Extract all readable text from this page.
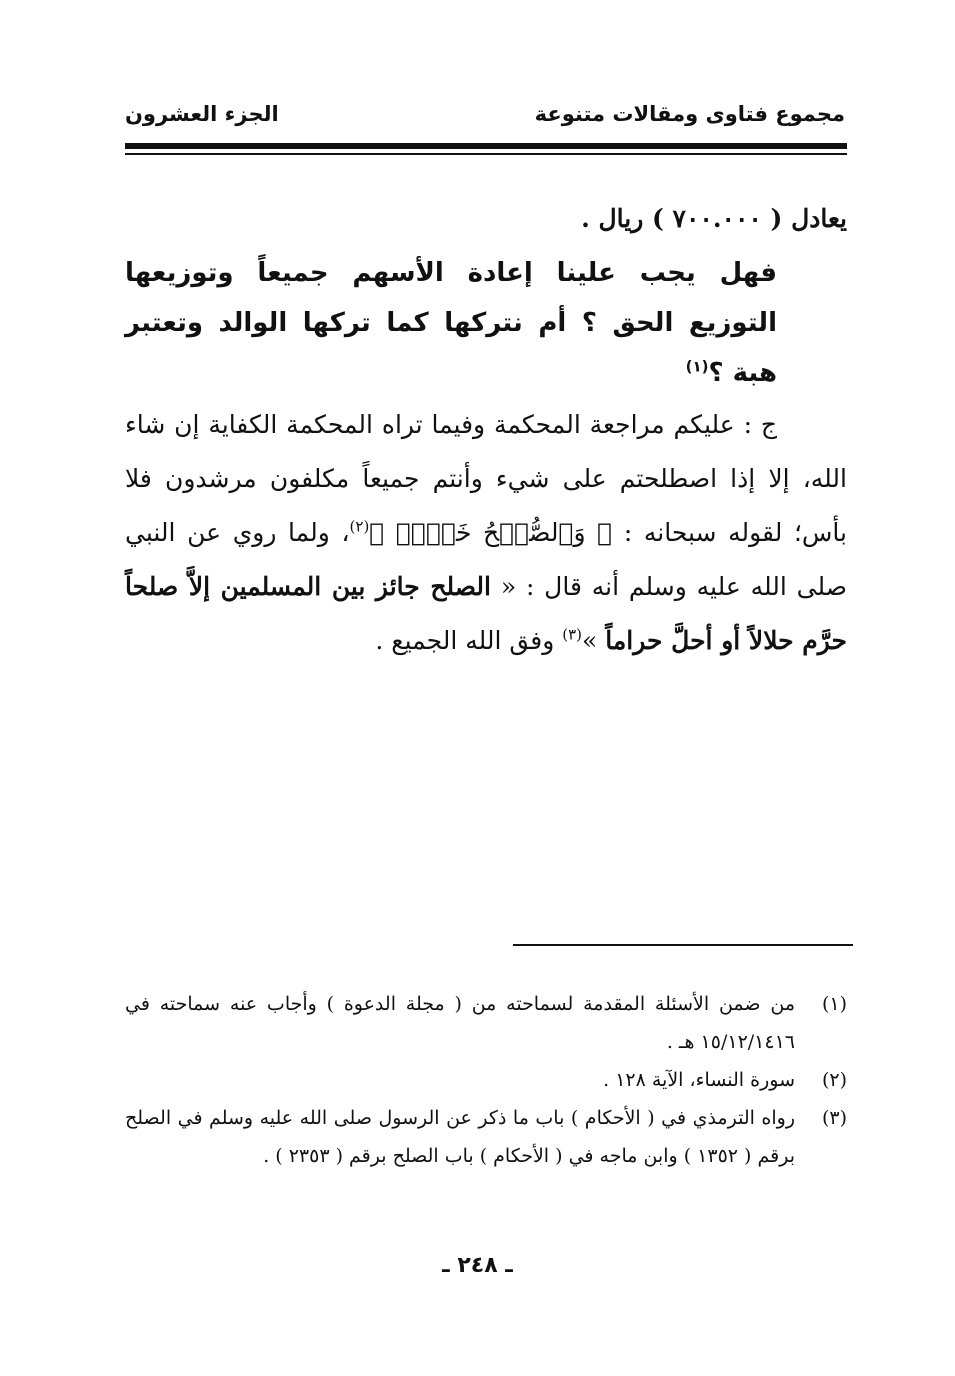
مجموع فتاوى ومقالات متنوعة
الجزء العشرون

يعادل ( ٧٠٠.٠٠٠ ) ريال .

فهل يجب علينا إعادة الأسهم جميعاً وتوزيعها التوزيع الحق ؟ أم نتركها كما تركها الوالد وتعتبر هبة ؟$^{(١)}$

ج : عليكم مراجعة المحكمة وفيما تراه المحكمة الكفاية إن شاء الله، إلا إذا اصطلحتم على شيء وأنتم جميعاً مكلفون مرشدون فلا بأس؛ لقوله سبحانه : ﴿ وَٱلصُّلۡحُ خَيۡرٞ ﴾$^{(٢)}$، ولما روي عن النبي صلى الله عليه وسلم أنه قال : « الصلح جائز بين المسلمين إلاَّ صلحاً حرَّم حلالاً أو أحلَّ حراماً »$^{(٣)}$ وفق الله الجميع .

(١)
من ضمن الأسئلة المقدمة لسماحته من ( مجلة الدعوة ) وأجاب عنه سماحته في ١٥/١٢/١٤١٦ هـ .

(٢)
سورة النساء، الآية ١٢٨ .

(٣)
رواه الترمذي في ( الأحكام ) باب ما ذكر عن الرسول صلى الله عليه وسلم في الصلح برقم ( ١٣٥٢ ) وابن ماجه في ( الأحكام ) باب الصلح برقم ( ٢٣٥٣ ) .

ـ ٢٤٨ ـ
